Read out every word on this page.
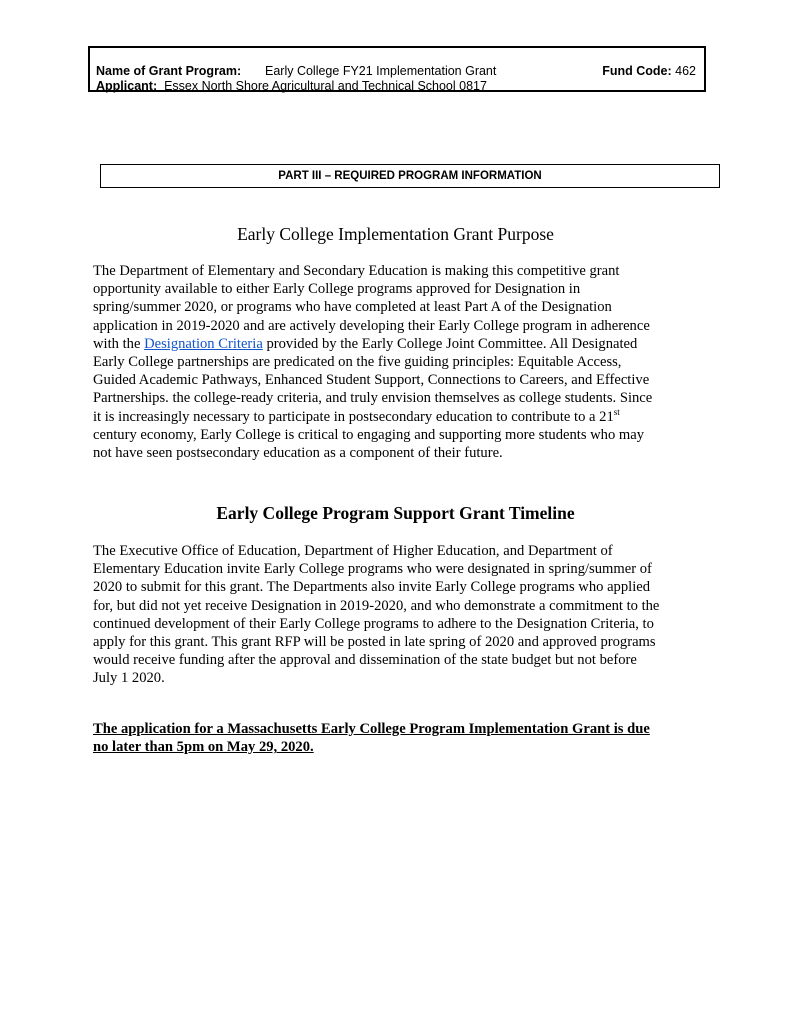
Name of Grant Program: Early College FY21 Implementation Grant	Fund Code: 462
Applicant: Essex North Shore Agricultural and Technical School 0817
PART III – REQUIRED PROGRAM INFORMATION
Early College Implementation Grant Purpose
The Department of Elementary and Secondary Education is making this competitive grant
opportunity available to either Early College programs approved for Designation in
spring/summer 2020, or programs who have completed at least Part A of the Designation
application in 2019-2020 and are actively developing their Early College program in adherence
with the Designation Criteria provided by the Early College Joint Committee. All Designated
Early College partnerships are predicated on the five guiding principles: Equitable Access,
Guided Academic Pathways, Enhanced Student Support, Connections to Careers, and Effective
Partnerships. the college-ready criteria, and truly envision themselves as college students. Since
it is increasingly necessary to participate in postsecondary education to contribute to a 21st
century economy, Early College is critical to engaging and supporting more students who may
not have seen postsecondary education as a component of their future.
Early College Program Support Grant Timeline
The Executive Office of Education, Department of Higher Education, and Department of
Elementary Education invite Early College programs who were designated in spring/summer of
2020 to submit for this grant. The Departments also invite Early College programs who applied
for, but did not yet receive Designation in 2019-2020, and who demonstrate a commitment to the
continued development of their Early College programs to adhere to the Designation Criteria, to
apply for this grant. This grant RFP will be posted in late spring of 2020 and approved programs
would receive funding after the approval and dissemination of the state budget but not before
July 1 2020.
The application for a Massachusetts Early College Program Implementation Grant is due
no later than 5pm on May 29, 2020.
